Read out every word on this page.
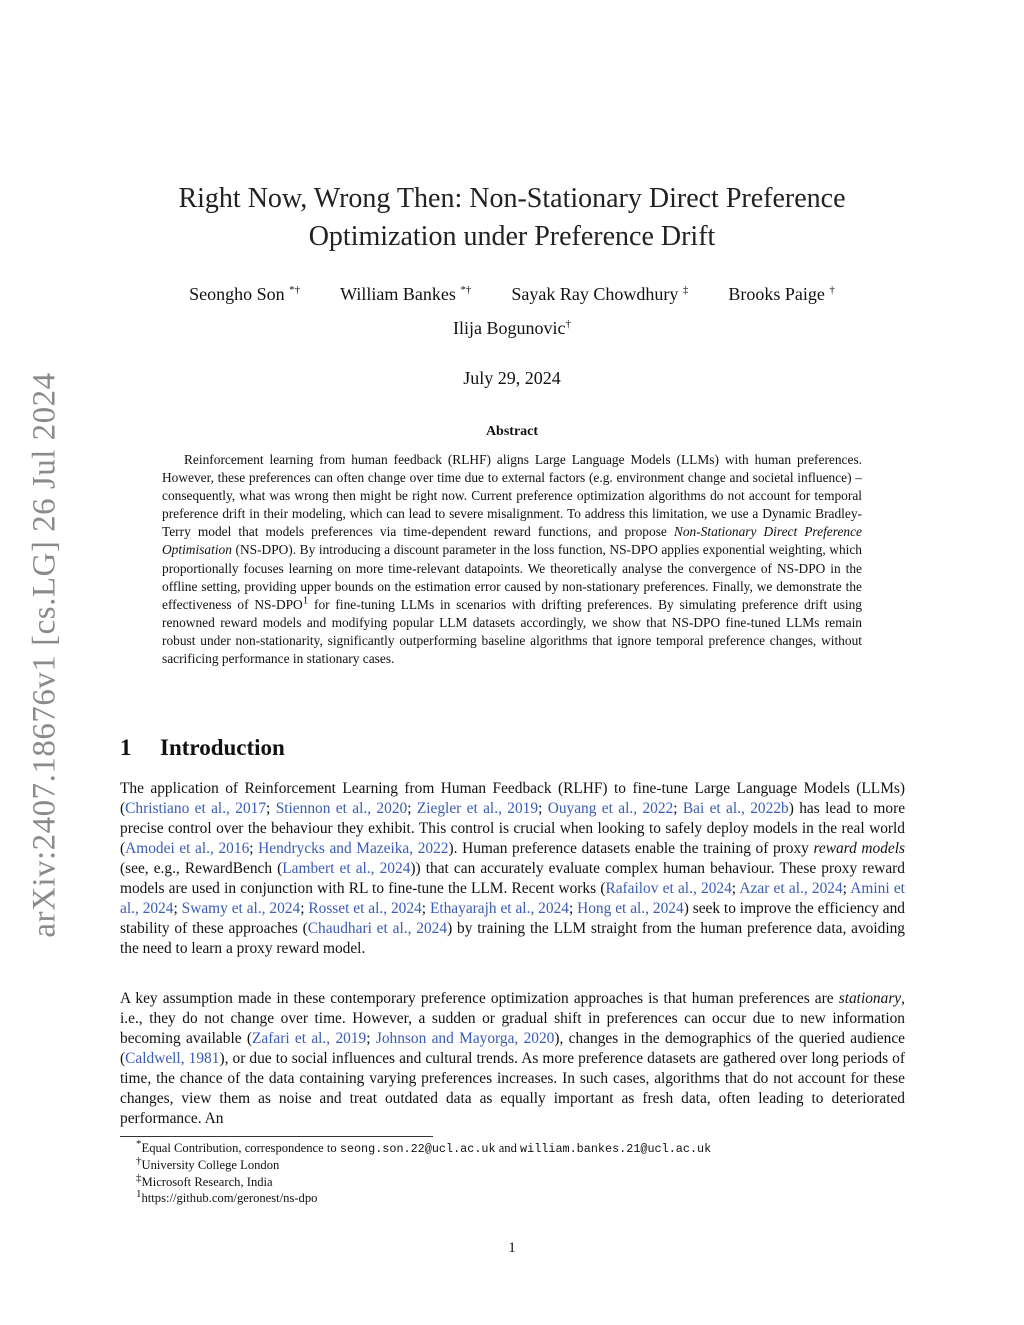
arXiv:2407.18676v1 [cs.LG] 26 Jul 2024
Right Now, Wrong Then: Non-Stationary Direct Preference Optimization under Preference Drift
Seongho Son *† William Bankes *† Sayak Ray Chowdhury ‡ Brooks Paige †
Ilija Bogunovic†
July 29, 2024
Abstract
Reinforcement learning from human feedback (RLHF) aligns Large Language Models (LLMs) with human preferences. However, these preferences can often change over time due to external factors (e.g. environment change and societal influence) – consequently, what was wrong then might be right now. Current preference optimization algorithms do not account for temporal preference drift in their modeling, which can lead to severe misalignment. To address this limitation, we use a Dynamic Bradley-Terry model that models preferences via time-dependent reward functions, and propose Non-Stationary Direct Preference Optimisation (NS-DPO). By introducing a discount parameter in the loss function, NS-DPO applies exponential weighting, which proportionally focuses learning on more time-relevant datapoints. We theoretically analyse the convergence of NS-DPO in the offline setting, providing upper bounds on the estimation error caused by non-stationary preferences. Finally, we demonstrate the effectiveness of NS-DPO$^1$ for fine-tuning LLMs in scenarios with drifting preferences. By simulating preference drift using renowned reward models and modifying popular LLM datasets accordingly, we show that NS-DPO fine-tuned LLMs remain robust under non-stationarity, significantly outperforming baseline algorithms that ignore temporal preference changes, without sacrificing performance in stationary cases.
1 Introduction
The application of Reinforcement Learning from Human Feedback (RLHF) to fine-tune Large Language Models (LLMs) (Christiano et al., 2017; Stiennon et al., 2020; Ziegler et al., 2019; Ouyang et al., 2022; Bai et al., 2022b) has lead to more precise control over the behaviour they exhibit. This control is crucial when looking to safely deploy models in the real world (Amodei et al., 2016; Hendrycks and Mazeika, 2022). Human preference datasets enable the training of proxy reward models (see, e.g., RewardBench (Lambert et al., 2024)) that can accurately evaluate complex human behaviour. These proxy reward models are used in conjunction with RL to fine-tune the LLM. Recent works (Rafailov et al., 2024; Azar et al., 2024; Amini et al., 2024; Swamy et al., 2024; Rosset et al., 2024; Ethayarajh et al., 2024; Hong et al., 2024) seek to improve the efficiency and stability of these approaches (Chaudhari et al., 2024) by training the LLM straight from the human preference data, avoiding the need to learn a proxy reward model.
A key assumption made in these contemporary preference optimization approaches is that human preferences are stationary, i.e., they do not change over time. However, a sudden or gradual shift in preferences can occur due to new information becoming available (Zafari et al., 2019; Johnson and Mayorga, 2020), changes in the demographics of the queried audience (Caldwell, 1981), or due to social influences and cultural trends. As more preference datasets are gathered over long periods of time, the chance of the data containing varying preferences increases. In such cases, algorithms that do not account for these changes, view them as noise and treat outdated data as equally important as fresh data, often leading to deteriorated performance. An
*Equal Contribution, correspondence to seong.son.22@ucl.ac.uk and william.bankes.21@ucl.ac.uk
†University College London
‡Microsoft Research, India
$^1$https://github.com/geronest/ns-dpo
1
